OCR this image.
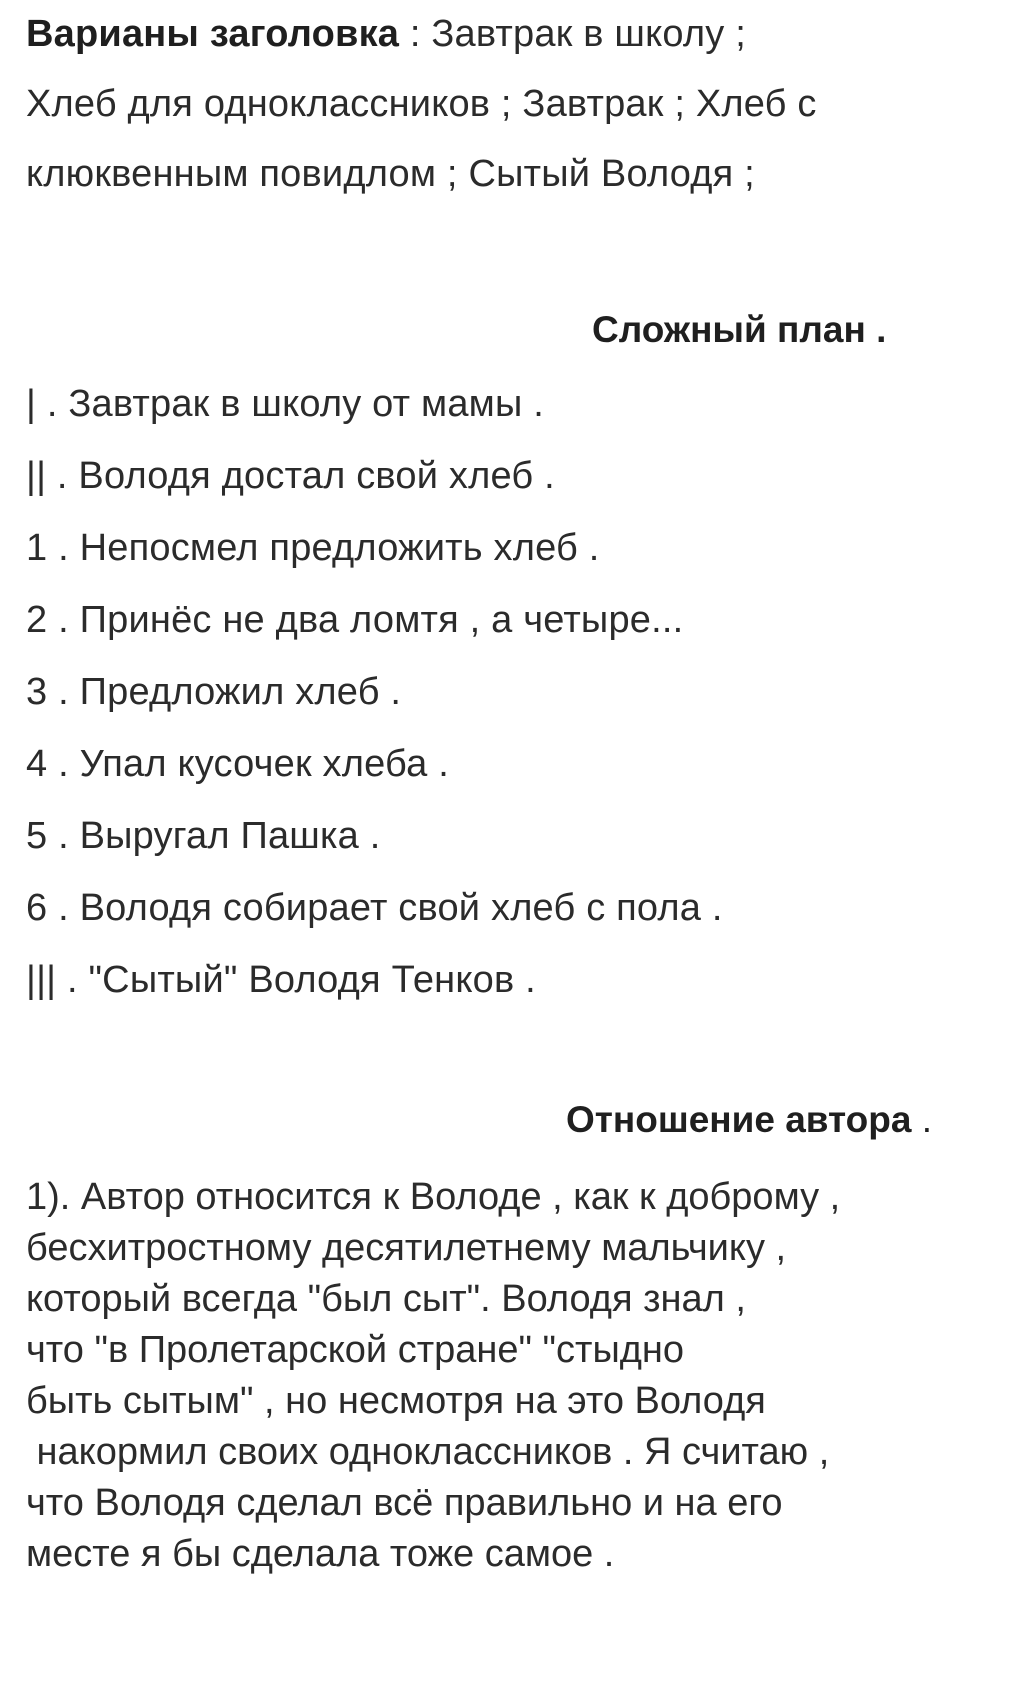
Варианы заголовка : Завтрак в школу ;
Хлеб для одноклассников ; Завтрак ; Хлеб с
клюквенным повидлом ; Сытый Володя ;
Сложный план .
| . Завтрак в школу от мамы .
|| . Володя достал свой хлеб .
1 . Непосмел предложить хлеб .
2 . Принёс не два ломтя , а четыре...
3 . Предложил хлеб .
4 . Упал кусочек хлеба .
5 . Выругал Пашка .
6 . Володя собирает свой хлеб с пола .
||| . "Сытый" Володя Тенков .
Отношение автора .
1). Автор относится к Володе , как к доброму ,
бесхитростному десятилетнему мальчику ,
который всегда "был сыт". Володя знал ,
что "в Пролетарской стране" "стыдно
быть сытым" , но несмотря на это Володя
накормил своих одноклассников . Я считаю ,
что Володя сделал всё правильно и на его
месте я бы сделала тоже самое .
